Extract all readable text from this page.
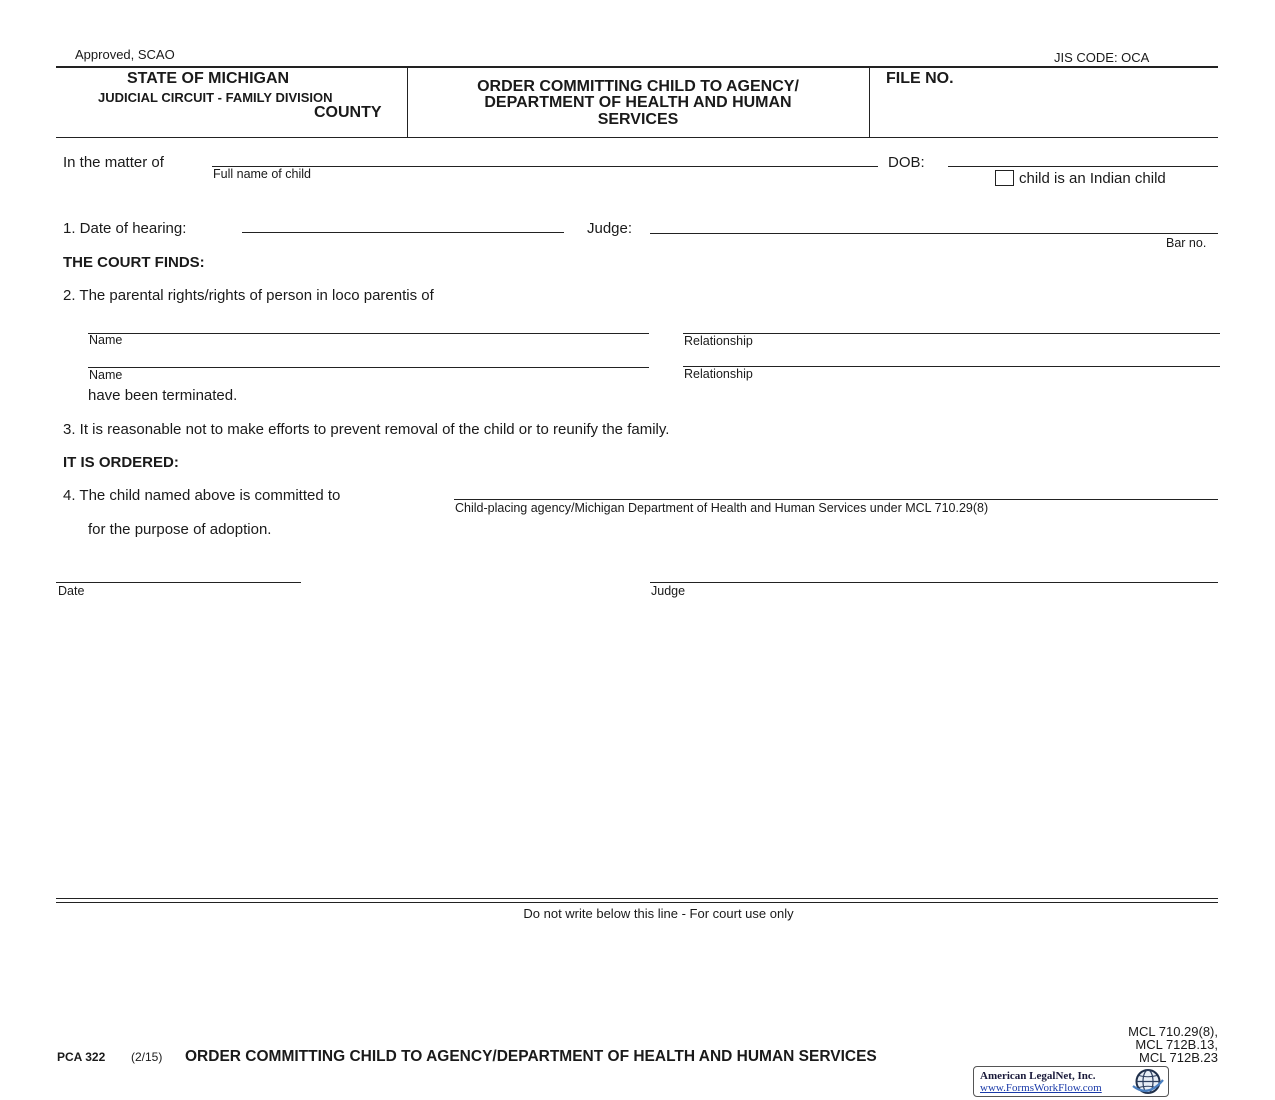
Approved, SCAO	JIS CODE: OCA
STATE OF MICHIGAN
JUDICIAL CIRCUIT - FAMILY DIVISION
COUNTY
ORDER COMMITTING CHILD TO AGENCY/
DEPARTMENT OF HEALTH AND HUMAN
SERVICES
FILE NO.
In the matter of
Full name of child
DOB:
child is an Indian child
1. Date of hearing:	Judge:
Bar no.
THE COURT FINDS:
2. The parental rights/rights of person in loco parentis of
Name	Relationship
Name	Relationship
have been terminated.
3. It is reasonable not to make efforts to prevent removal of the child or to reunify the family.
IT IS ORDERED:
4. The child named above is committed to
Child-placing agency/Michigan Department of Health and Human Services under MCL 710.29(8)
for the purpose of adoption.
Date	Judge
Do not write below this line - For court use only
PCA 322 (2/15) ORDER COMMITTING CHILD TO AGENCY/DEPARTMENT OF HEALTH AND HUMAN SERVICES
MCL 710.29(8),
MCL 712B.13,
MCL 712B.23
American LegalNet, Inc.
www.FormsWorkFlow.com
